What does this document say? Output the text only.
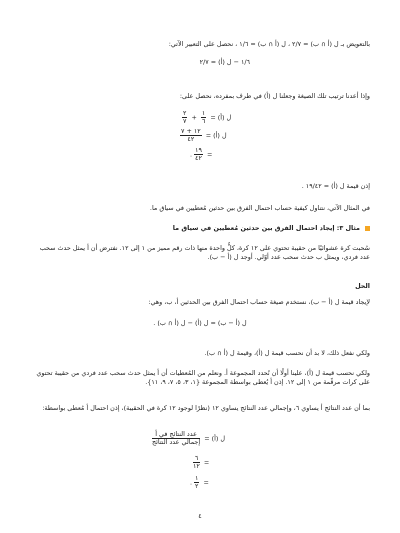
بالتعويض بـ ل (أ ∩ ب) = ٢/٧ ، ل (أ ∩ ب) = ١/٦ ، نحصل على التعبير الآتي:
١/٦ − ل (أ) = ٢/٧
وإذا أعدنا ترتيب تلك الصيغة وجعلنا ل (أ) في طرف بمفرده، نحصل على:
$\frac{٢}{٧} + \frac{١}{٦}$ ل (أ) =
$\frac{١٢ + ٧}{٤٢}$ ل (أ) =
. $\frac{١٩}{٤٢}$ =
إذن قيمة ل (أ) = ١٩/٤٢ .
في المثال الآتي، نتناول كيفية حساب احتمال الفرق بين حدثين مُعطيين في سياق ما.
مثال ٣: إيجاد احتمال الفرق بين حدثين مُعطيين في سياق ما
سُحبت كرة عشوائيًا من حقيبة تحتوي على ١٢ كرة، كلٌّ واحدة منها ذات رقم مميز من ١ إلى ١٢. نفترض أن أ يمثل حدث سحب عدد فردي، ويمثل ب حدث سحب عدد أوّلي. أوجد ل (أ − ب).
الحل
لإيجاد قيمة ل (أ − ب)، نستخدم صيغة حساب احتمال الفرق بين الحدثين أ، ب، وهي:
ل (أ − ب) = ل (أ) − ل (أ ∩ ب) .
ولكي نفعل ذلك، لا بد أن نحسب قيمة ل (أ)، وقيمة ل (أ ∩ ب).
ولكي نحسب قيمة ل (أ)، علينا أولًا أن نُحدد المجموعة أ. ونعلم من المُعطيات أن أ يمثل حدث سحب عدد فردي من حقيبة تحتوي على كرات مرقّمة من ١ إلى ١٢. إذن أ يُعطى بواسطة المجموعة {١، ٣، ٥، ٧، ٩، ١١}.
بما أن عدد النتائج أ يساوي ٦، وإجمالي عدد النتائج يساوي ١٢ (نظرًا لوجود ١٢ كرة في الحقيبة)، إذن احتمال أ مُعطى بواسطة:
$\frac{\text{عدد النتائج في أ}}{\text{إجمالي عدد النتائج}}$ ل (أ) =
$\frac{٦}{١٢}$ =
. $\frac{١}{٢}$ =
٤
